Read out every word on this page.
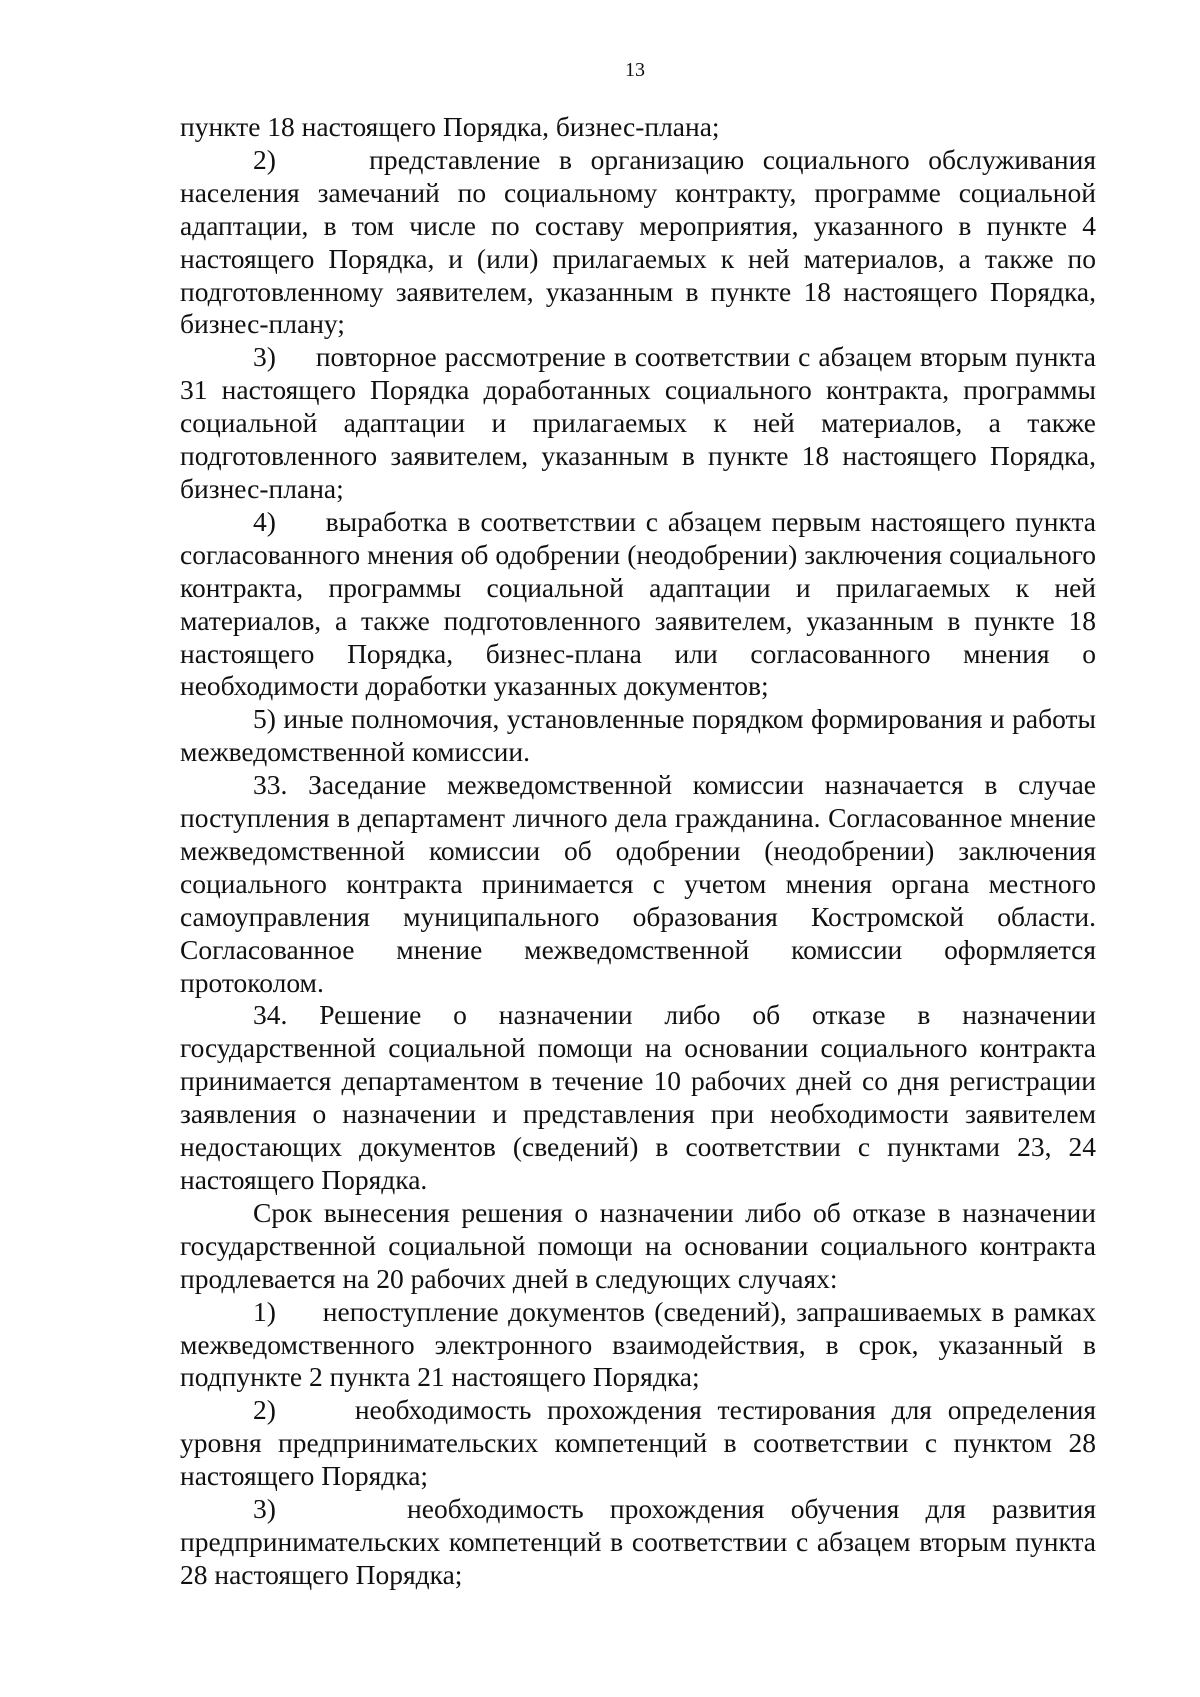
13

пункте 18 настоящего Порядка, бизнес-плана;

2)     представление в организацию социального обслуживания населения замечаний по социальному контракту, программе социальной адаптации, в том числе по составу мероприятия, указанного в пункте 4 настоящего Порядка, и (или) прилагаемых к ней материалов, а также по подготовленному заявителем, указанным в пункте 18 настоящего Порядка, бизнес-плану;

3)     повторное рассмотрение в соответствии с абзацем вторым пункта 31 настоящего Порядка доработанных социального контракта, программы социальной адаптации и прилагаемых к ней материалов, а также подготовленного заявителем, указанным в пункте 18 настоящего Порядка, бизнес-плана;

4)     выработка в соответствии с абзацем первым настоящего пункта согласованного мнения об одобрении (неодобрении) заключения социального контракта, программы социальной адаптации и прилагаемых к ней материалов, а также подготовленного заявителем, указанным в пункте 18 настоящего Порядка, бизнес-плана или согласованного мнения о необходимости доработки указанных документов;

5) иные полномочия, установленные порядком формирования и работы межведомственной комиссии.

33. Заседание межведомственной комиссии назначается в случае поступления в департамент личного дела гражданина. Согласованное мнение межведомственной комиссии об одобрении (неодобрении) заключения социального контракта принимается с учетом мнения органа местного самоуправления муниципального образования Костромской области. Согласованное мнение межведомственной комиссии оформляется протоколом.

34. Решение о назначении либо об отказе в назначении государственной социальной помощи на основании социального контракта принимается департаментом в течение 10 рабочих дней со дня регистрации заявления о назначении и представления при необходимости заявителем недостающих документов (сведений) в соответствии с пунктами 23, 24 настоящего Порядка.

Срок вынесения решения о назначении либо об отказе в назначении государственной социальной помощи на основании социального контракта продлевается на 20 рабочих дней в следующих случаях:

1)     непоступление документов (сведений), запрашиваемых в рамках межведомственного электронного взаимодействия, в срок, указанный в подпункте 2 пункта 21 настоящего Порядка;

2)     необходимость прохождения тестирования для определения уровня предпринимательских компетенций в соответствии с пунктом 28 настоящего Порядка;

3)     необходимость прохождения обучения для развития предпринимательских компетенций в соответствии с абзацем вторым пункта 28 настоящего Порядка;
